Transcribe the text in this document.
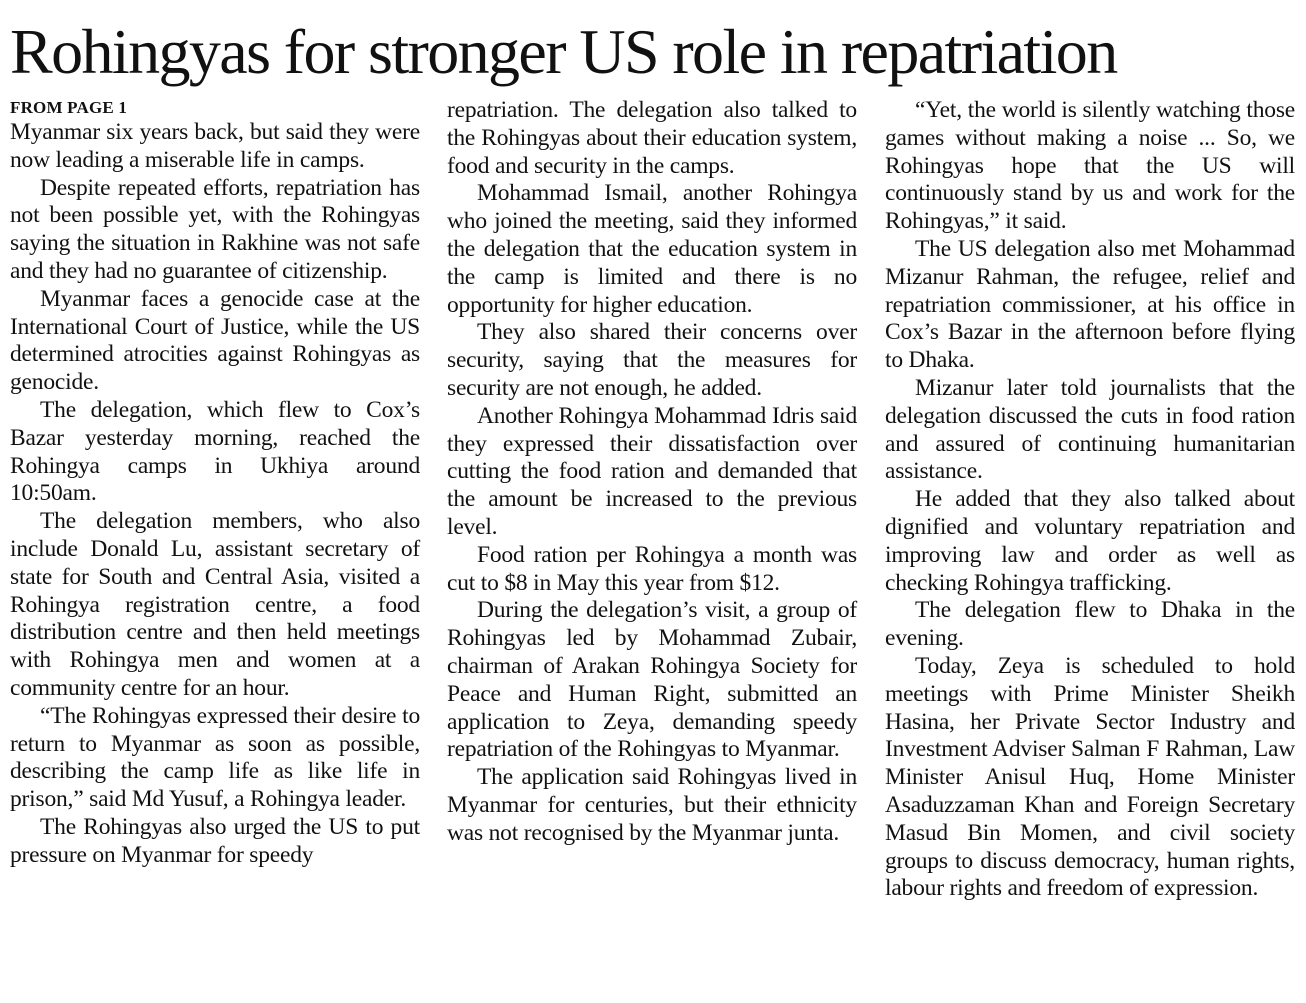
Rohingyas for stronger US role in repatriation
FROM PAGE 1

Myanmar six years back, but said they were now leading a miserable life in camps.

Despite repeated efforts, repatriation has not been possible yet, with the Rohingyas saying the situation in Rakhine was not safe and they had no guarantee of citizenship.

Myanmar faces a genocide case at the International Court of Justice, while the US determined atrocities against Rohingyas as genocide.

The delegation, which flew to Cox’s Bazar yesterday morning, reached the Rohingya camps in Ukhiya around 10:50am.

The delegation members, who also include Donald Lu, assistant secretary of state for South and Central Asia, visited a Rohingya registration centre, a food distribution centre and then held meetings with Rohingya men and women at a community centre for an hour.

“The Rohingyas expressed their desire to return to Myanmar as soon as possible, describing the camp life as like life in prison,” said Md Yusuf, a Rohingya leader.

The Rohingyas also urged the US to put pressure on Myanmar for speedy

repatriation. The delegation also talked to the Rohingyas about their education system, food and security in the camps.

Mohammad Ismail, another Rohingya who joined the meeting, said they informed the delegation that the education system in the camp is limited and there is no opportunity for higher education.

They also shared their concerns over security, saying that the measures for security are not enough, he added.

Another Rohingya Mohammad Idris said they expressed their dissatisfaction over cutting the food ration and demanded that the amount be increased to the previous level.

Food ration per Rohingya a month was cut to $8 in May this year from $12.

During the delegation’s visit, a group of Rohingyas led by Mohammad Zubair, chairman of Arakan Rohingya Society for Peace and Human Right, submitted an application to Zeya, demanding speedy repatriation of the Rohingyas to Myanmar.

The application said Rohingyas lived in Myanmar for centuries, but their ethnicity was not recognised by the Myanmar junta.

“Yet, the world is silently watching those games without making a noise ... So, we Rohingyas hope that the US will continuously stand by us and work for the Rohingyas,” it said.

The US delegation also met Mohammad Mizanur Rahman, the refugee, relief and repatriation commissioner, at his office in Cox’s Bazar in the afternoon before flying to Dhaka.

Mizanur later told journalists that the delegation discussed the cuts in food ration and assured of continuing humanitarian assistance.

He added that they also talked about dignified and voluntary repatriation and improving law and order as well as checking Rohingya trafficking.

The delegation flew to Dhaka in the evening.

Today, Zeya is scheduled to hold meetings with Prime Minister Sheikh Hasina, her Private Sector Industry and Investment Adviser Salman F Rahman, Law Minister Anisul Huq, Home Minister Asaduzzaman Khan and Foreign Secretary Masud Bin Momen, and civil society groups to discuss democracy, human rights, labour rights and freedom of expression.
